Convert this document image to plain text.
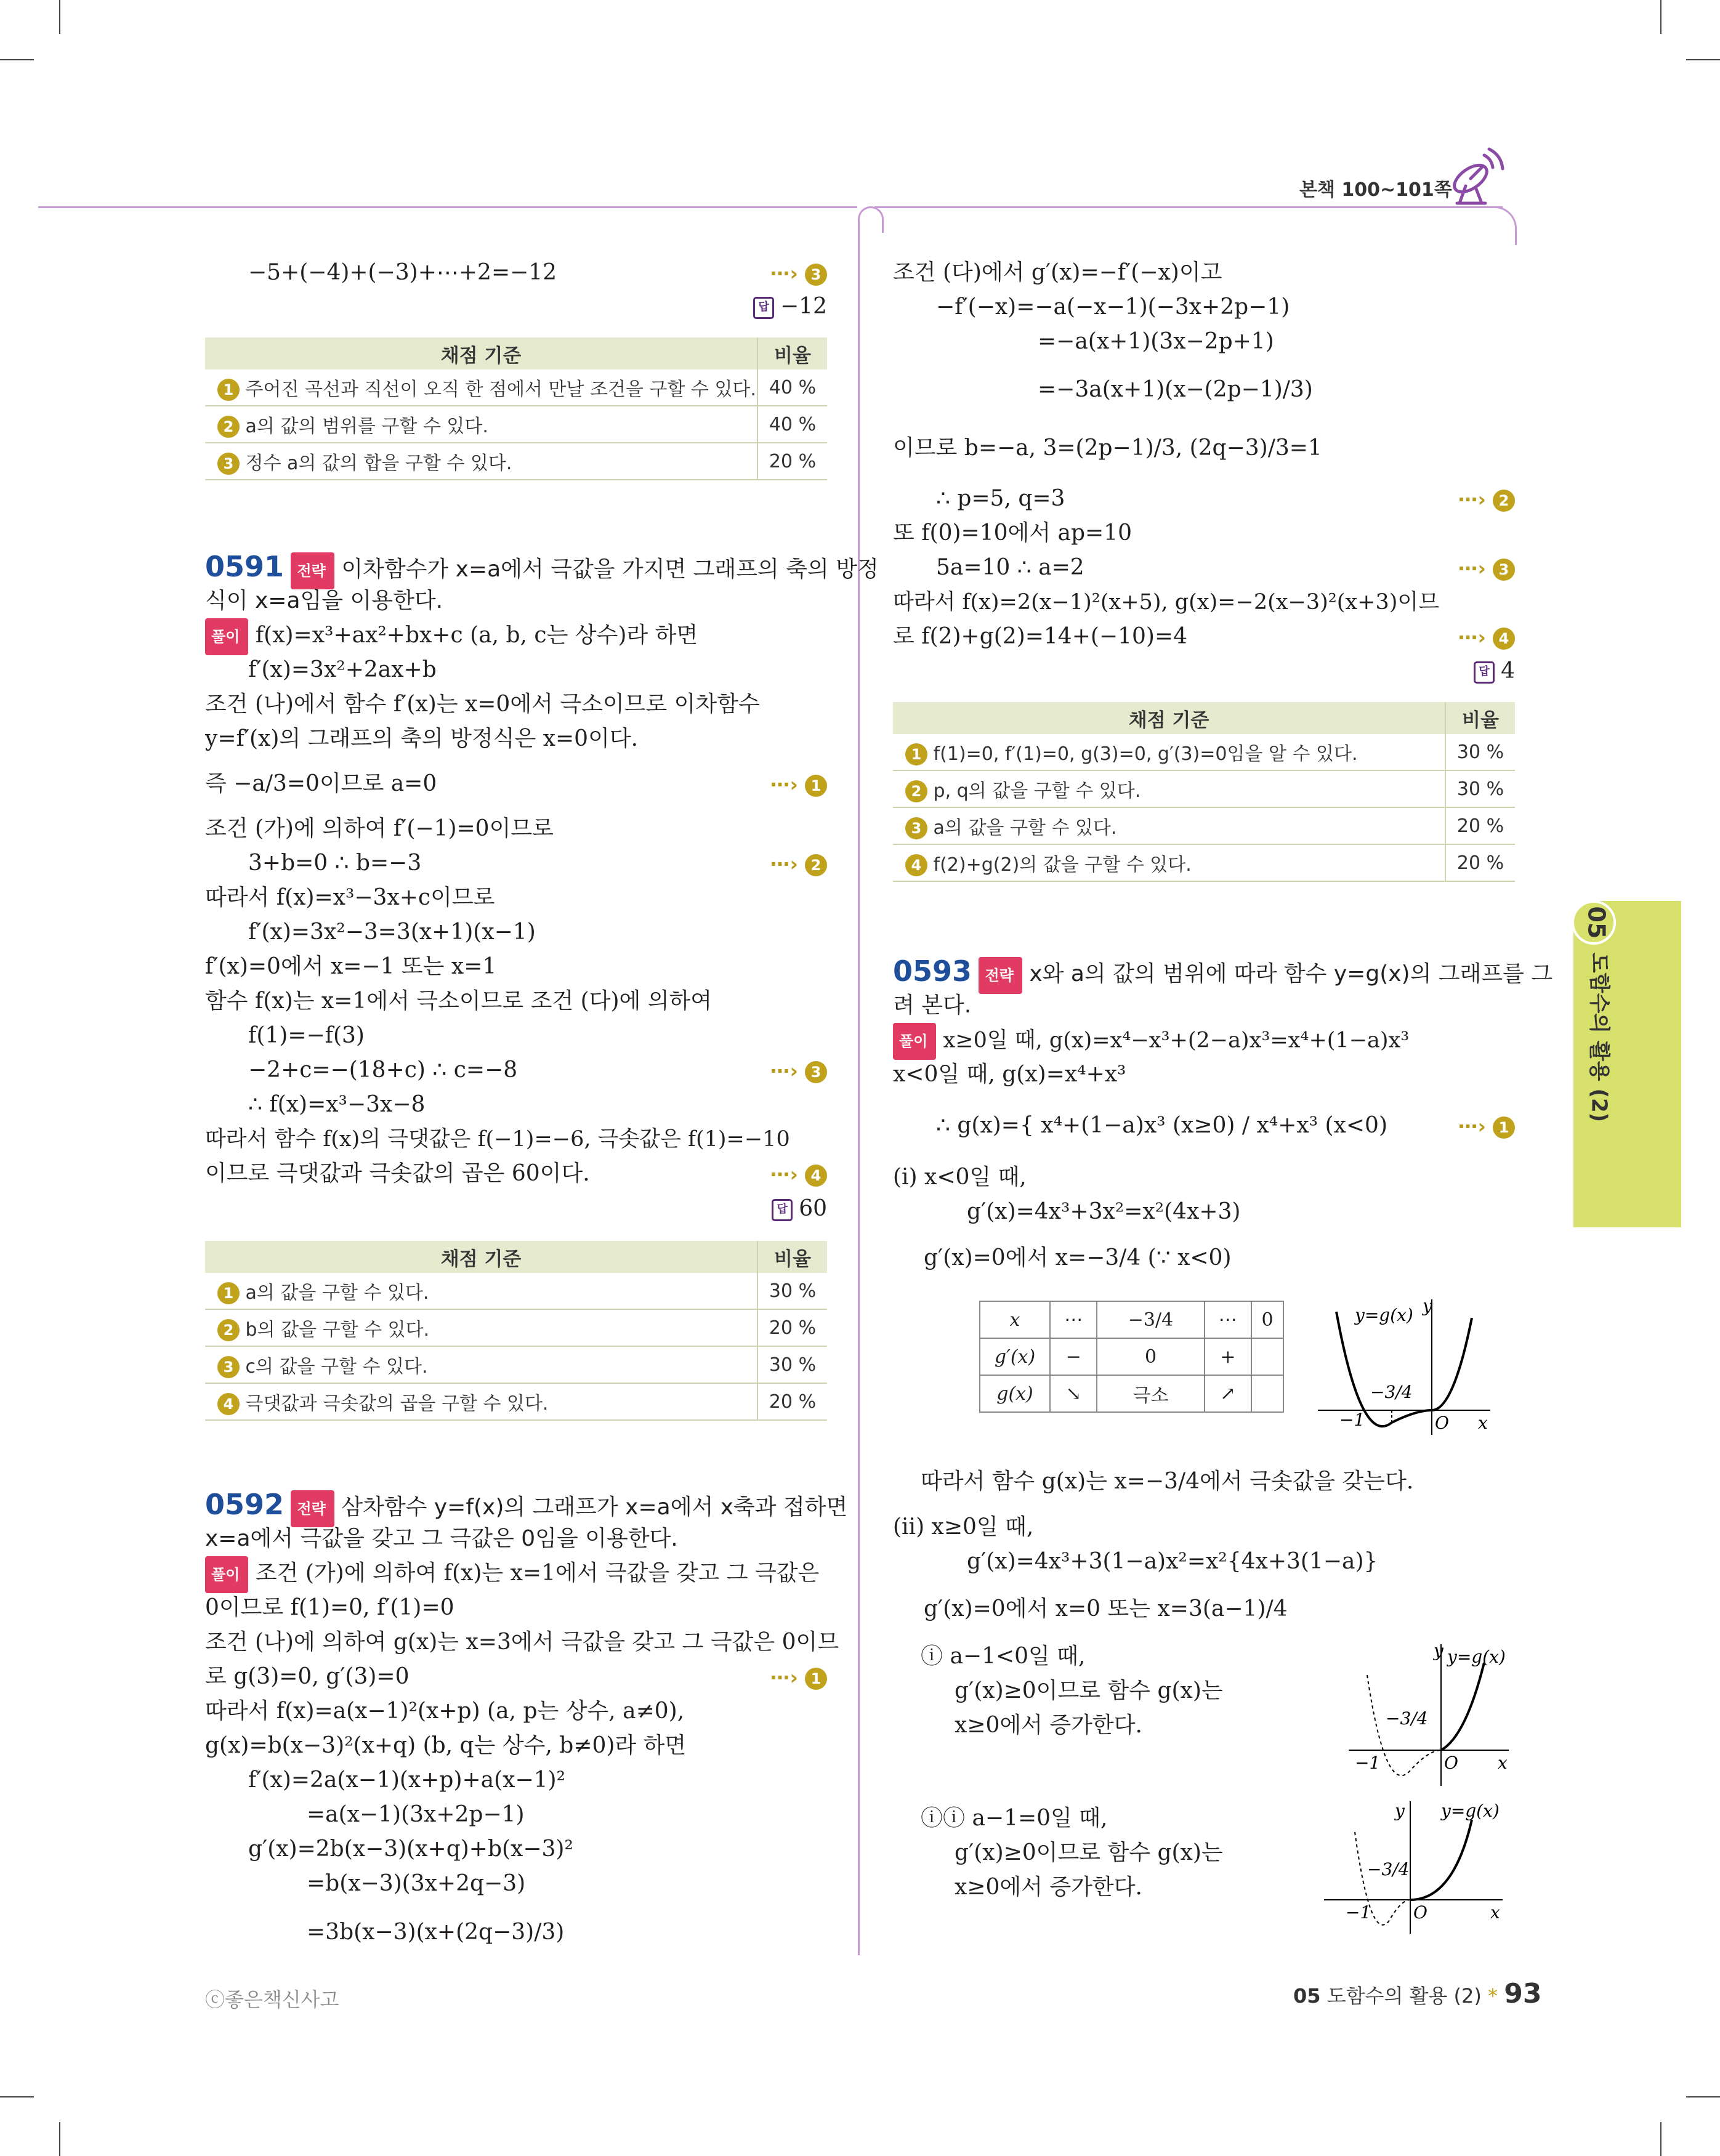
본책 100~101쪽
05
도함수의 활용 (2)
−5+(−4)+(−3)+⋯+2=−12	⋯› 3
답 −12
채점 기준	비율
1 주어진 곡선과 직선이 오직 한 점에서 만날 조건을 구할 수 있다.	40 %
2 a의 값의 범위를 구할 수 있다.	40 %
3 정수 a의 값의 합을 구할 수 있다.	20 %
0591 전략 이차함수가 x=a에서 극값을 가지면 그래프의 축의 방정
식이 x=a임을 이용한다.
풀이 f(x)=x³+ax²+bx+c (a, b, c는 상수)라 하면
f′(x)=3x²+2ax+b
조건 (나)에서 함수 f′(x)는 x=0에서 극소이므로 이차함수
y=f′(x)의 그래프의 축의 방정식은 x=0이다.
즉 −a/3=0이므로 a=0	⋯› 1
조건 (가)에 의하여 f′(−1)=0이므로
3+b=0 ∴ b=−3	⋯› 2
따라서 f(x)=x³−3x+c이므로
f′(x)=3x²−3=3(x+1)(x−1)
f′(x)=0에서 x=−1 또는 x=1
함수 f(x)는 x=1에서 극소이므로 조건 (다)에 의하여
f(1)=−f(3)
−2+c=−(18+c) ∴ c=−8	⋯› 3
∴ f(x)=x³−3x−8
따라서 함수 f(x)의 극댓값은 f(−1)=−6, 극솟값은 f(1)=−10
이므로 극댓값과 극솟값의 곱은 60이다.	⋯› 4
답 60
채점 기준	비율
1 a의 값을 구할 수 있다.	30 %
2 b의 값을 구할 수 있다.	20 %
3 c의 값을 구할 수 있다.	30 %
4 극댓값과 극솟값의 곱을 구할 수 있다.	20 %
0592 전략 삼차함수 y=f(x)의 그래프가 x=a에서 x축과 접하면
x=a에서 극값을 갖고 그 극값은 0임을 이용한다.
풀이 조건 (가)에 의하여 f(x)는 x=1에서 극값을 갖고 그 극값은
0이므로 f(1)=0, f′(1)=0
조건 (나)에 의하여 g(x)는 x=3에서 극값을 갖고 그 극값은 0이므
로 g(3)=0, g′(3)=0	⋯› 1
따라서 f(x)=a(x−1)²(x+p) (a, p는 상수, a≠0),
g(x)=b(x−3)²(x+q) (b, q는 상수, b≠0)라 하면
f′(x)=2a(x−1)(x+p)+a(x−1)²
=a(x−1)(3x+2p−1)
g′(x)=2b(x−3)(x+q)+b(x−3)²
=b(x−3)(3x+2q−3)
=3b(x−3)(x+(2q−3)/3)
조건 (다)에서 g′(x)=−f′(−x)이고
−f′(−x)=−a(−x−1)(−3x+2p−1)
=−a(x+1)(3x−2p+1)
=−3a(x+1)(x−(2p−1)/3)
이므로 b=−a, 3=(2p−1)/3, (2q−3)/3=1
∴ p=5, q=3	⋯› 2
또 f(0)=10에서 ap=10
5a=10 ∴ a=2	⋯› 3
따라서 f(x)=2(x−1)²(x+5), g(x)=−2(x−3)²(x+3)이므
로 f(2)+g(2)=14+(−10)=4	⋯› 4
답 4
채점 기준	비율
1 f(1)=0, f′(1)=0, g(3)=0, g′(3)=0임을 알 수 있다.	30 %
2 p, q의 값을 구할 수 있다.	30 %
3 a의 값을 구할 수 있다.	20 %
4 f(2)+g(2)의 값을 구할 수 있다.	20 %
0593 전략 x와 a의 값의 범위에 따라 함수 y=g(x)의 그래프를 그
려 본다.
풀이 x≥0일 때, g(x)=x⁴−x³+(2−a)x³=x⁴+(1−a)x³
x<0일 때, g(x)=x⁴+x³
∴ g(x)={ x⁴+(1−a)x³ (x≥0) / x⁴+x³ (x<0)	⋯› 1
(i) x<0일 때,
g′(x)=4x³+3x²=x²(4x+3)
g′(x)=0에서 x=−3/4 (∵ x<0)
x	⋯	−3/4	⋯	0
g′(x)	−	0	+	
g(x)	↘	극소	↗	
y
y=g(x)
−1
−3/4
O x
따라서 함수 g(x)는 x=−3/4에서 극솟값을 갖는다.
(ii) x≥0일 때,
g′(x)=4x³+3(1−a)x²=x²{4x+3(1−a)}
g′(x)=0에서 x=0 또는 x=3(a−1)/4
ⓘ a−1<0일 때,
g′(x)≥0이므로 함수 g(x)는
x≥0에서 증가한다.
y y=g(x)
−1
−3/4
O x
ⓘⓘ a−1=0일 때,
g′(x)≥0이므로 함수 g(x)는
x≥0에서 증가한다.
y y=g(x)
−1
−3/4
O	x
ⓒ좋은책신사고	05 도함수의 활용 (2) * 93
